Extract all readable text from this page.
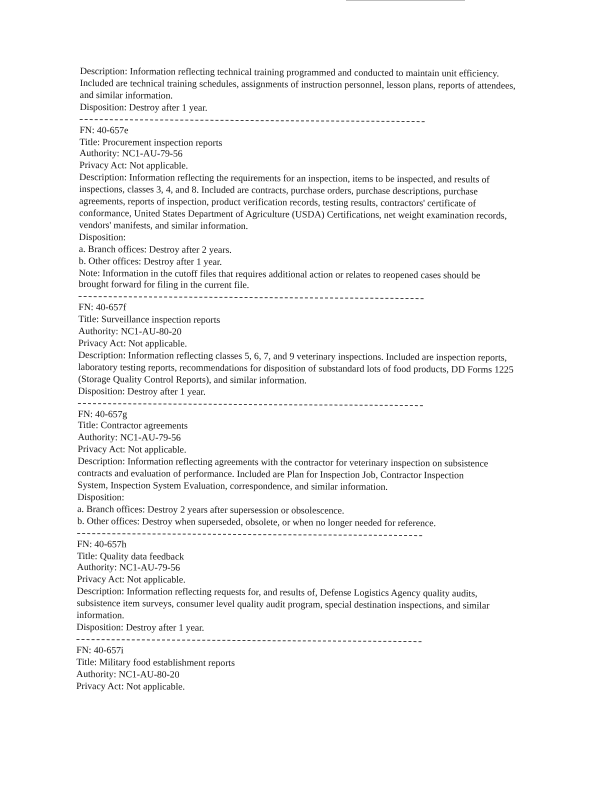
Description: Information reflecting technical training programmed and conducted to maintain unit efficiency. Included are technical training schedules, assignments of instruction personnel, lesson plans, reports of attendees, and similar information.
Disposition: Destroy after 1 year.
FN: 40-657e
Title: Procurement inspection reports
Authority: NC1-AU-79-56
Privacy Act: Not applicable.
Description: Information reflecting the requirements for an inspection, items to be inspected, and results of inspections, classes 3, 4, and 8. Included are contracts, purchase orders, purchase descriptions, purchase agreements, reports of inspection, product verification records, testing results, contractors' certificate of conformance, United States Department of Agriculture (USDA) Certifications, net weight examination records, vendors' manifests, and similar information.
Disposition:
a. Branch offices: Destroy after 2 years.
b. Other offices: Destroy after 1 year.
Note: Information in the cutoff files that requires additional action or relates to reopened cases should be brought forward for filing in the current file.
FN: 40-657f
Title: Surveillance inspection reports
Authority: NC1-AU-80-20
Privacy Act: Not applicable.
Description: Information reflecting classes 5, 6, 7, and 9 veterinary inspections. Included are inspection reports, laboratory testing reports, recommendations for disposition of substandard lots of food products, DD Forms 1225 (Storage Quality Control Reports), and similar information.
Disposition: Destroy after 1 year.
FN: 40-657g
Title: Contractor agreements
Authority: NC1-AU-79-56
Privacy Act: Not applicable.
Description: Information reflecting agreements with the contractor for veterinary inspection on subsistence contracts and evaluation of performance. Included are Plan for Inspection Job, Contractor Inspection System, Inspection System Evaluation, correspondence, and similar information.
Disposition:
a. Branch offices: Destroy 2 years after supersession or obsolescence.
b. Other offices: Destroy when superseded, obsolete, or when no longer needed for reference.
FN: 40-657h
Title: Quality data feedback
Authority: NC1-AU-79-56
Privacy Act: Not applicable.
Description: Information reflecting requests for, and results of, Defense Logistics Agency quality audits, subsistence item surveys, consumer level quality audit program, special destination inspections, and similar information.
Disposition: Destroy after 1 year.
FN: 40-657i
Title: Military food establishment reports
Authority: NC1-AU-80-20
Privacy Act: Not applicable.
